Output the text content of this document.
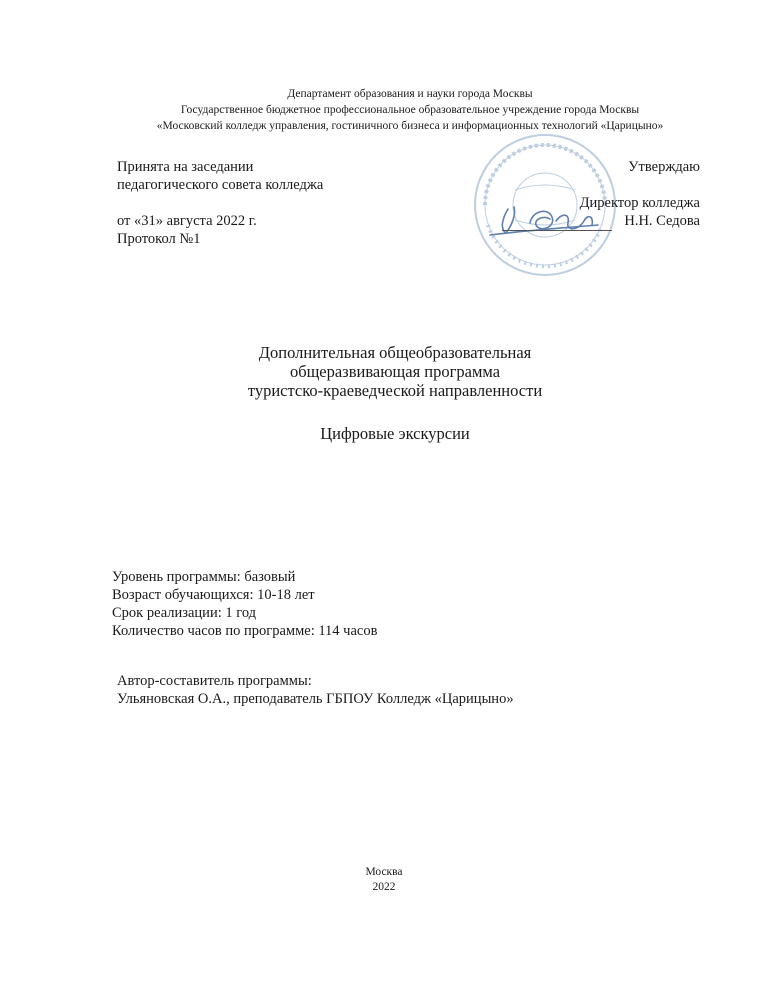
Департамент образования и науки города Москвы
Государственное бюджетное профессиональное образовательное учреждение города Москвы
«Московский колледж управления, гостиничного бизнеса и информационных технологий «Царицыно»
Принята на заседании
педагогического совета колледжа
от «31» августа 2022 г.
Протокол №1
Утверждаю
Директор колледжа
Н.Н. Седова
Дополнительная общеобразовательная
общеразвивающая программа
туристско-краеведческой направленности
Цифровые экскурсии
Уровень программы: базовый
Возраст обучающихся: 10-18 лет
Срок реализации: 1 год
Количество часов по программе: 114 часов
Автор-составитель программы:
Ульяновская О.А., преподаватель ГБПОУ Колледж «Царицыно»
Москва
2022
